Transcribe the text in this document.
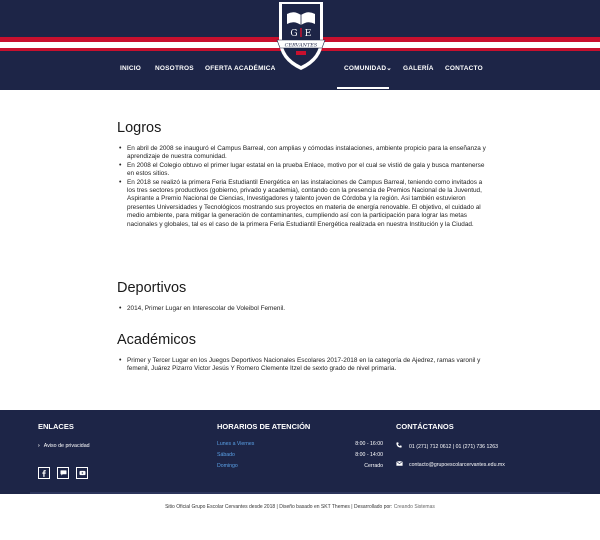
G E
CERVANTES
INICIO NOSOTROS OFERTA ACADÉMICA	COMUNIDAD⌄ GALERÍA CONTACTO
Logros
• En abril de 2008 se inauguró el Campus Barreal, con amplias y cómodas instalaciones, ambiente propicio para la enseñanza y aprendizaje de nuestra comunidad.
• En 2008 el Colegio obtuvo el primer lugar estatal en la prueba Enlace, motivo por el cual se vistió de gala y busca mantenerse en estos sitios.
• En 2018 se realizó la primera Feria Estudiantil Energética en las instalaciones de Campus Barreal, teniendo como invitados a los tres sectores productivos (gobierno, privado y academia), contando con la presencia de Premios Nacional de la Juventud, Aspirante a Premio Nacional de Ciencias, Investigadores y talento joven de Córdoba y la región. Asi también estuvieron presentes Universidades y Tecnológicos mostrando sus proyectos en materia de energía renovable. El objetivo, el cuidado al medio ambiente, para mitigar la generación de contaminantes, cumpliendo así con la participación para lograr las metas nacionales y globales, tal es el caso de la primera Feria Estudiantil Energética realizada en nuestra Institución y la Ciudad.
Deportivos
• 2014, Primer Lugar en Interescolar de Voleibol Femenil.
Académicos
• Primer y Tercer Lugar en los Juegos Deportivos Nacionales Escolares 2017-2018 en la categoría de Ajedrez, ramas varonil y femenil, Juárez Pizarro Victor Jesús Y Romero Clemente Itzel de sexto grado de nivel primaria.
ENLACES
› Aviso de privacidad
HORARIOS DE ATENCIÓN
Lunes a Viernes	8:00 - 16:00
Sábado	8:00 - 14:00
Domingo	Cerrado
CONTÁCTANOS
01 (271) 712 0612 | 01 (271) 736 1263
contacto@grupoescolarcervantes.edu.mx
Sitio Oficial Grupo Escolar Cervantes desde 2018 | Diseño basado en SKT Themes | Desarrollado por: Creando Sistemas
